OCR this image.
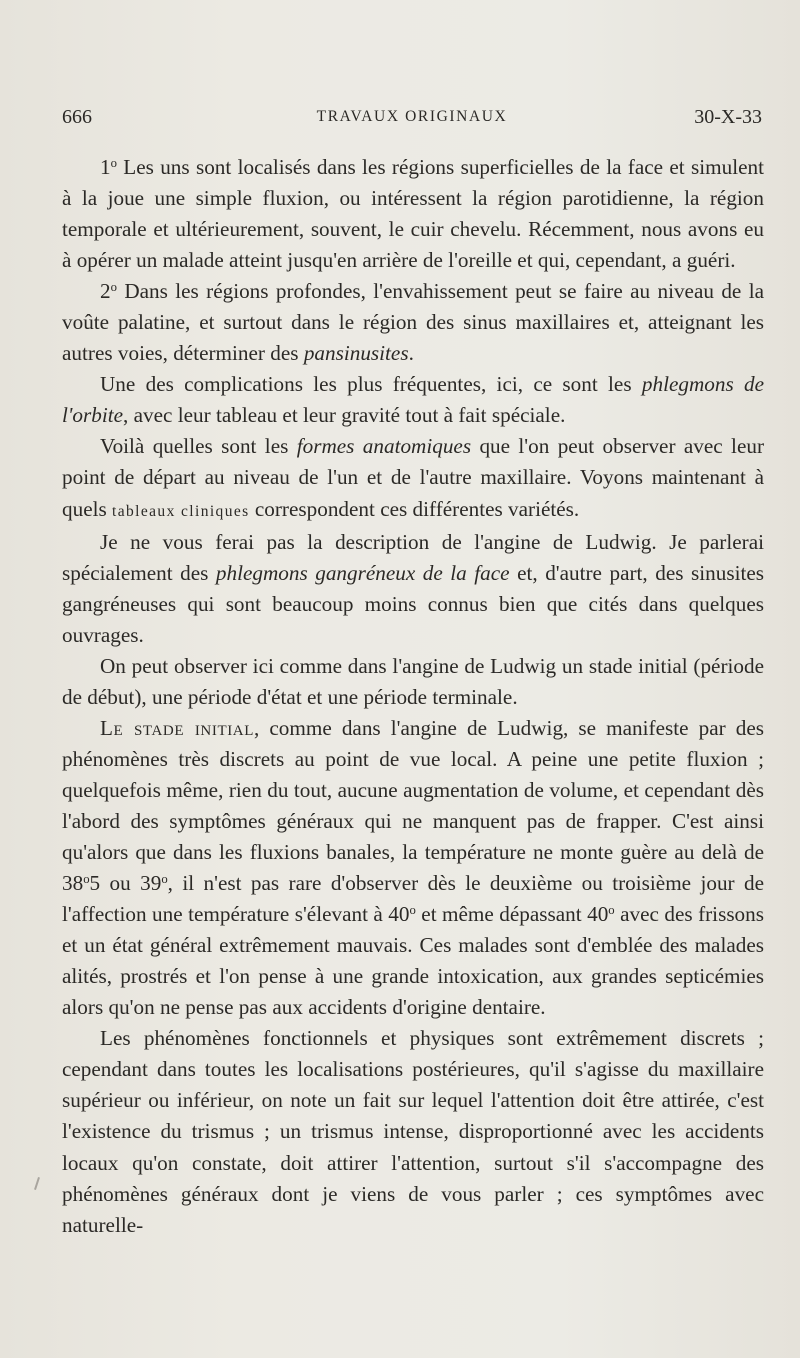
666	TRAVAUX ORIGINAUX	30-X-33

1$^o$ Les uns sont localisés dans les régions superficielles de la face et simulent à la joue une simple fluxion, ou intéressent la région parotidienne, la région temporale et ultérieurement, souvent, le cuir chevelu. Récemment, nous avons eu à opérer un malade atteint jusqu'en arrière de l'oreille et qui, cependant, a guéri.

2$^o$ Dans les régions profondes, l'envahissement peut se faire au niveau de la voûte palatine, et surtout dans le région des sinus maxillaires et, atteignant les autres voies, déterminer des pansinusites.

Une des complications les plus fréquentes, ici, ce sont les phlegmons de l'orbite, avec leur tableau et leur gravité tout à fait spéciale.

Voilà quelles sont les formes anatomiques que l'on peut observer avec leur point de départ au niveau de l'un et de l'autre maxillaire. Voyons maintenant à quels tableaux cliniques correspondent ces différentes variétés.

Je ne vous ferai pas la description de l'angine de Ludwig. Je parlerai spécialement des phlegmons gangréneux de la face et, d'autre part, des sinusites gangréneuses qui sont beaucoup moins connus bien que cités dans quelques ouvrages.

On peut observer ici comme dans l'angine de Ludwig un stade initial (période de début), une période d'état et une période terminale.

Le stade initial, comme dans l'angine de Ludwig, se manifeste par des phénomènes très discrets au point de vue local. A peine une petite fluxion ; quelquefois même, rien du tout, aucune augmentation de volume, et cependant dès l'abord des symptômes généraux qui ne manquent pas de frapper. C'est ainsi qu'alors que dans les fluxions banales, la température ne monte guère au delà de 38$^o$5 ou 39$^o$, il n'est pas rare d'observer dès le deuxième ou troisième jour de l'affection une température s'élevant à 40$^o$ et même dépassant 40$^o$ avec des frissons et un état général extrêmement mauvais. Ces malades sont d'emblée des malades alités, prostrés et l'on pense à une grande intoxication, aux grandes septicémies alors qu'on ne pense pas aux accidents d'origine dentaire.

Les phénomènes fonctionnels et physiques sont extrêmement discrets ; cependant dans toutes les localisations postérieures, qu'il s'agisse du maxillaire supérieur ou inférieur, on note un fait sur lequel l'attention doit être attirée, c'est l'existence du trismus ; un trismus intense, disproportionné avec les accidents locaux qu'on constate, doit attirer l'attention, surtout s'il s'accompagne des phénomènes généraux dont je viens de vous parler ; ces symptômes avec naturelle-
